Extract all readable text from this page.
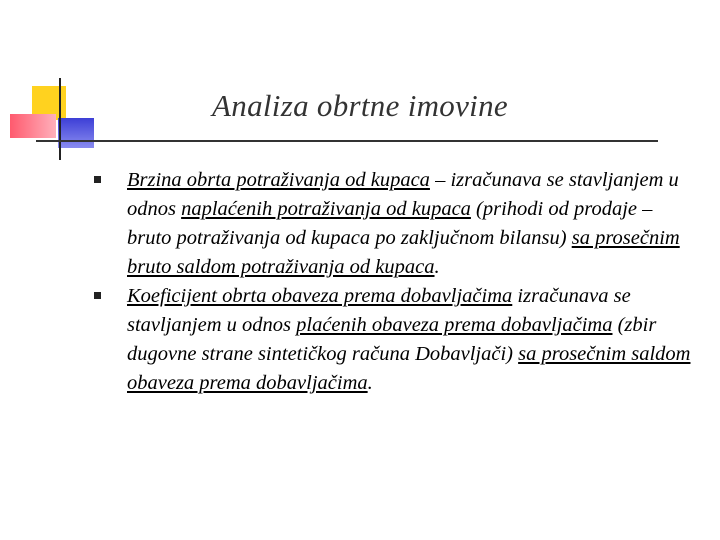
Analiza obrtne imovine
Brzina obrta potraživanja od kupaca – izračunava se stavljanjem u odnos naplaćenih potraživanja od kupaca (prihodi od prodaje – bruto potraživanja od kupaca po zaključnom bilansu) sa prosečnim bruto saldom potraživanja od kupaca.
Koeficijent obrta obaveza prema dobavljačima izračunava se stavljanjem u odnos plaćenih obaveza prema dobavljačima (zbir dugovne strane sintetičkog računa Dobavljači) sa prosečnim saldom obaveza prema dobavljačima.
